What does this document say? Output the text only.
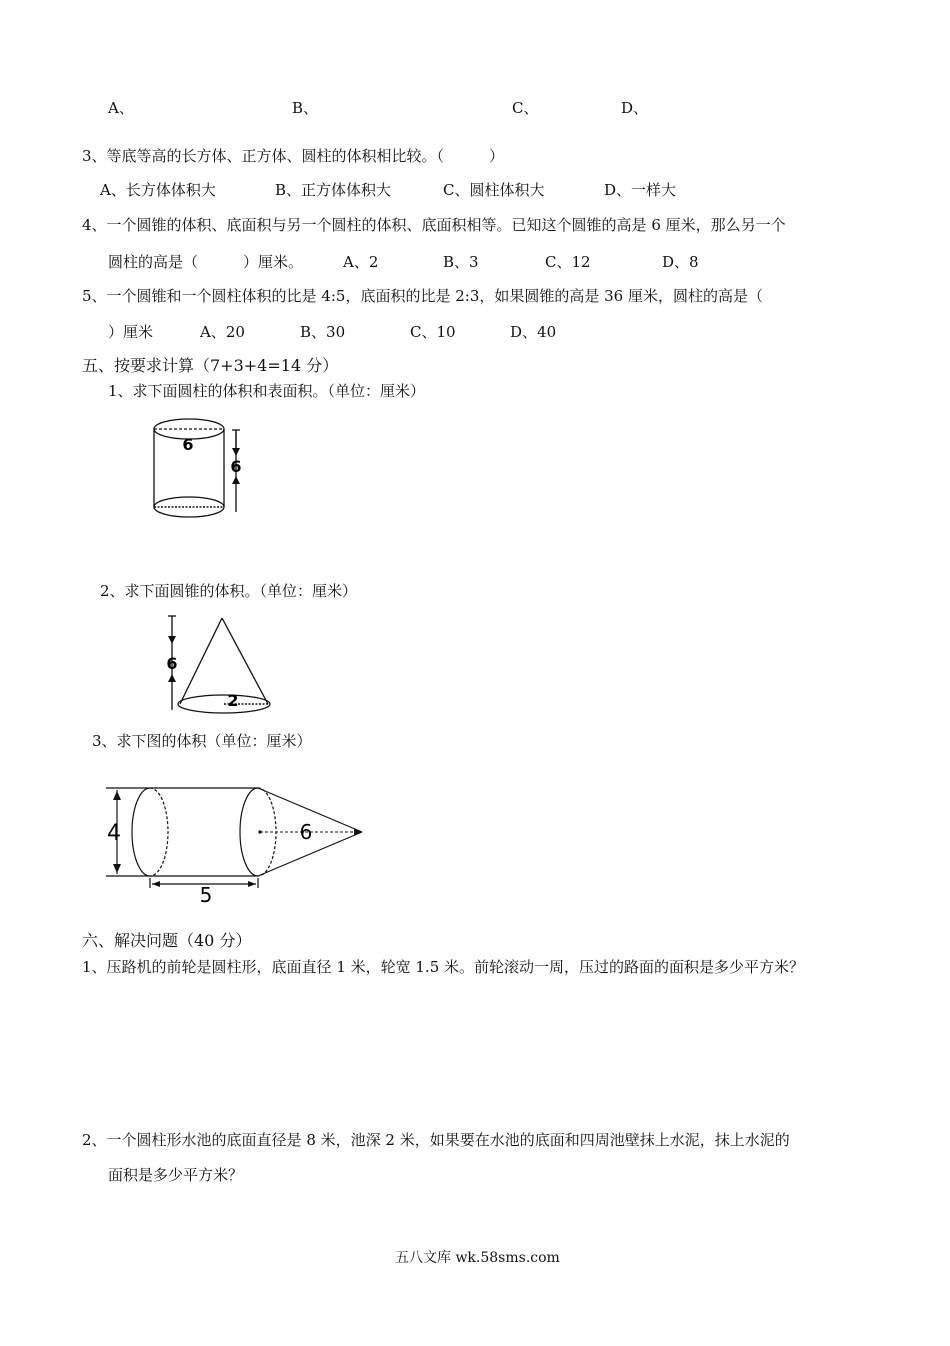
A、	B、	C、	D、
3、等底等高的长方体、正方体、圆柱的体积相比较。（　　　）
A、长方体体积大	B、正方体体积大	C、圆柱体积大	D、一样大
4、一个圆锥的体积、底面积与另一个圆柱的体积、底面积相等。已知这个圆锥的高是 6 厘米，那么另一个
圆柱的高是（　　　）厘米。	A、2	B、3	C、12	D、8
5、一个圆锥和一个圆柱体积的比是 4:5，底面积的比是 2:3，如果圆锥的高是 36 厘米，圆柱的高是（
）厘米	A、20	B、30	C、10	D、40
五、按要求计算（7+3+4=14 分）
1、求下面圆柱的体积和表面积。（单位：厘米）
6
6
2、求下面圆锥的体积。（单位：厘米）
6
2
3、求下图的体积（单位：厘米）
4	6
5
六、解决问题（40 分）
1、压路机的前轮是圆柱形，底面直径 1 米，轮宽 1.5 米。前轮滚动一周，压过的路面的面积是多少平方米？
2、一个圆柱形水池的底面直径是 8 米，池深 2 米，如果要在水池的底面和四周池壁抹上水泥，抹上水泥的
面积是多少平方米？
五八文库 wk.58sms.com
